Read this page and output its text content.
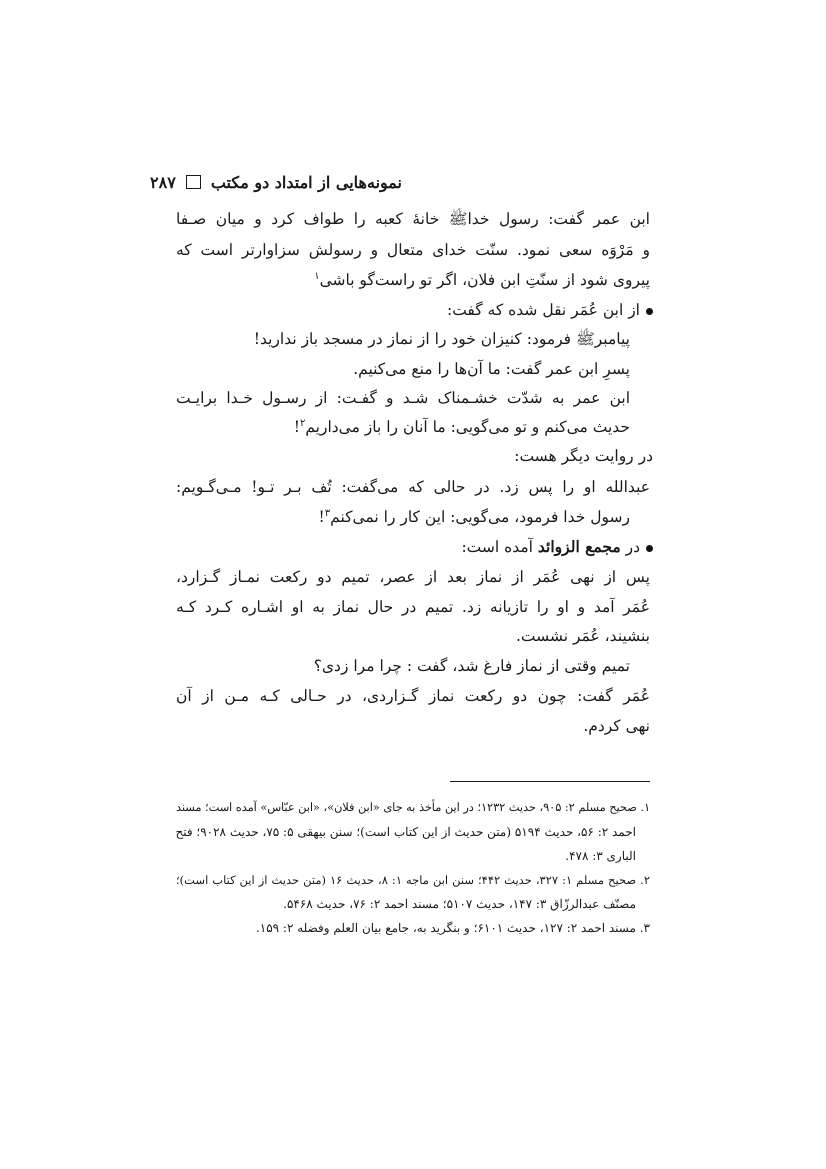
نمونه‌هایی از امتداد دو مکتب
۲۸۷
ابن عمر گفت: رسول خداﷺ خانهٔ کعبه را طواف کرد و میان صـفا
و مَرْوَه سعی نمود. سنّت خدای متعال و رسولش سزاوارتر است که
پیروی شود از سنّتِ ابن فلان، اگر تو راست‌گو باشی$^۱$
از ابن عُمَر نقل شده که گفت:
پیامبرﷺ فرمود: کنیزان خود را از نماز در مسجد باز ندارید!
پسرِ ابن عمر گفت: ما آن‌ها را منع می‌کنیم.
ابن عمر به شدّت خشـمناک شـد و گفـت: از رسـول خـدا برایـت
حدیث می‌کنم و تو می‌گویی: ما آنان را باز می‌داریم$^۲$!
در روایت دیگر هست:
عبدالله او را پس زد. در حالی که می‌گفت: تُف بـر تـو! مـی‌گـویم:
رسول خدا فرمود، می‌گویی: این کار را نمی‌کنم$^۳$!
در مجمع الزوائد آمده است:
پس از نهی عُمَر از نماز بعد از عصر، تمیم دو رکعت نمـاز گـزارد،
عُمَر آمد و او را تازیانه زد. تمیم در حال نماز به او اشـاره کـرد کـه
بنشیند، عُمَر نشست.
تمیم وقتی از نماز فارغ شد، گفت : چرا مرا زدی؟
عُمَر گفت: چون دو رکعت نماز گـزاردی، در حـالی کـه مـن از آن
نهی کردم.
۱. صحیح مسلم ۲: ۹۰۵، حدیث ۱۲۳۲؛ در این مأخذ به جای «ابن فلان»، «ابن عبّاس» آمده است؛ مسند
احمد ۲: ۵۶، حدیث ۵۱۹۴ (متن حدیث از این کتاب است)؛ سنن بیهقی ۵: ۷۵، حدیث ۹۰۲۸؛ فتح
الباری ۳: ۴۷۸.
۲. صحیح مسلم ۱: ۳۲۷، حدیث ۴۴۲؛ سنن ابن ماجه ۱: ۸، حدیث ۱۶ (متن حدیث از این کتاب است)؛
مصنّف عبدالرزّاق ۳: ۱۴۷، حدیث ۵۱۰۷؛ مسند احمد ۲: ۷۶، حدیث ۵۴۶۸.
۳. مسند احمد ۲: ۱۲۷، حدیث ۶۱۰۱؛ و بنگرید به، جامع بیان العلم وفضله ۲: ۱۵۹.
